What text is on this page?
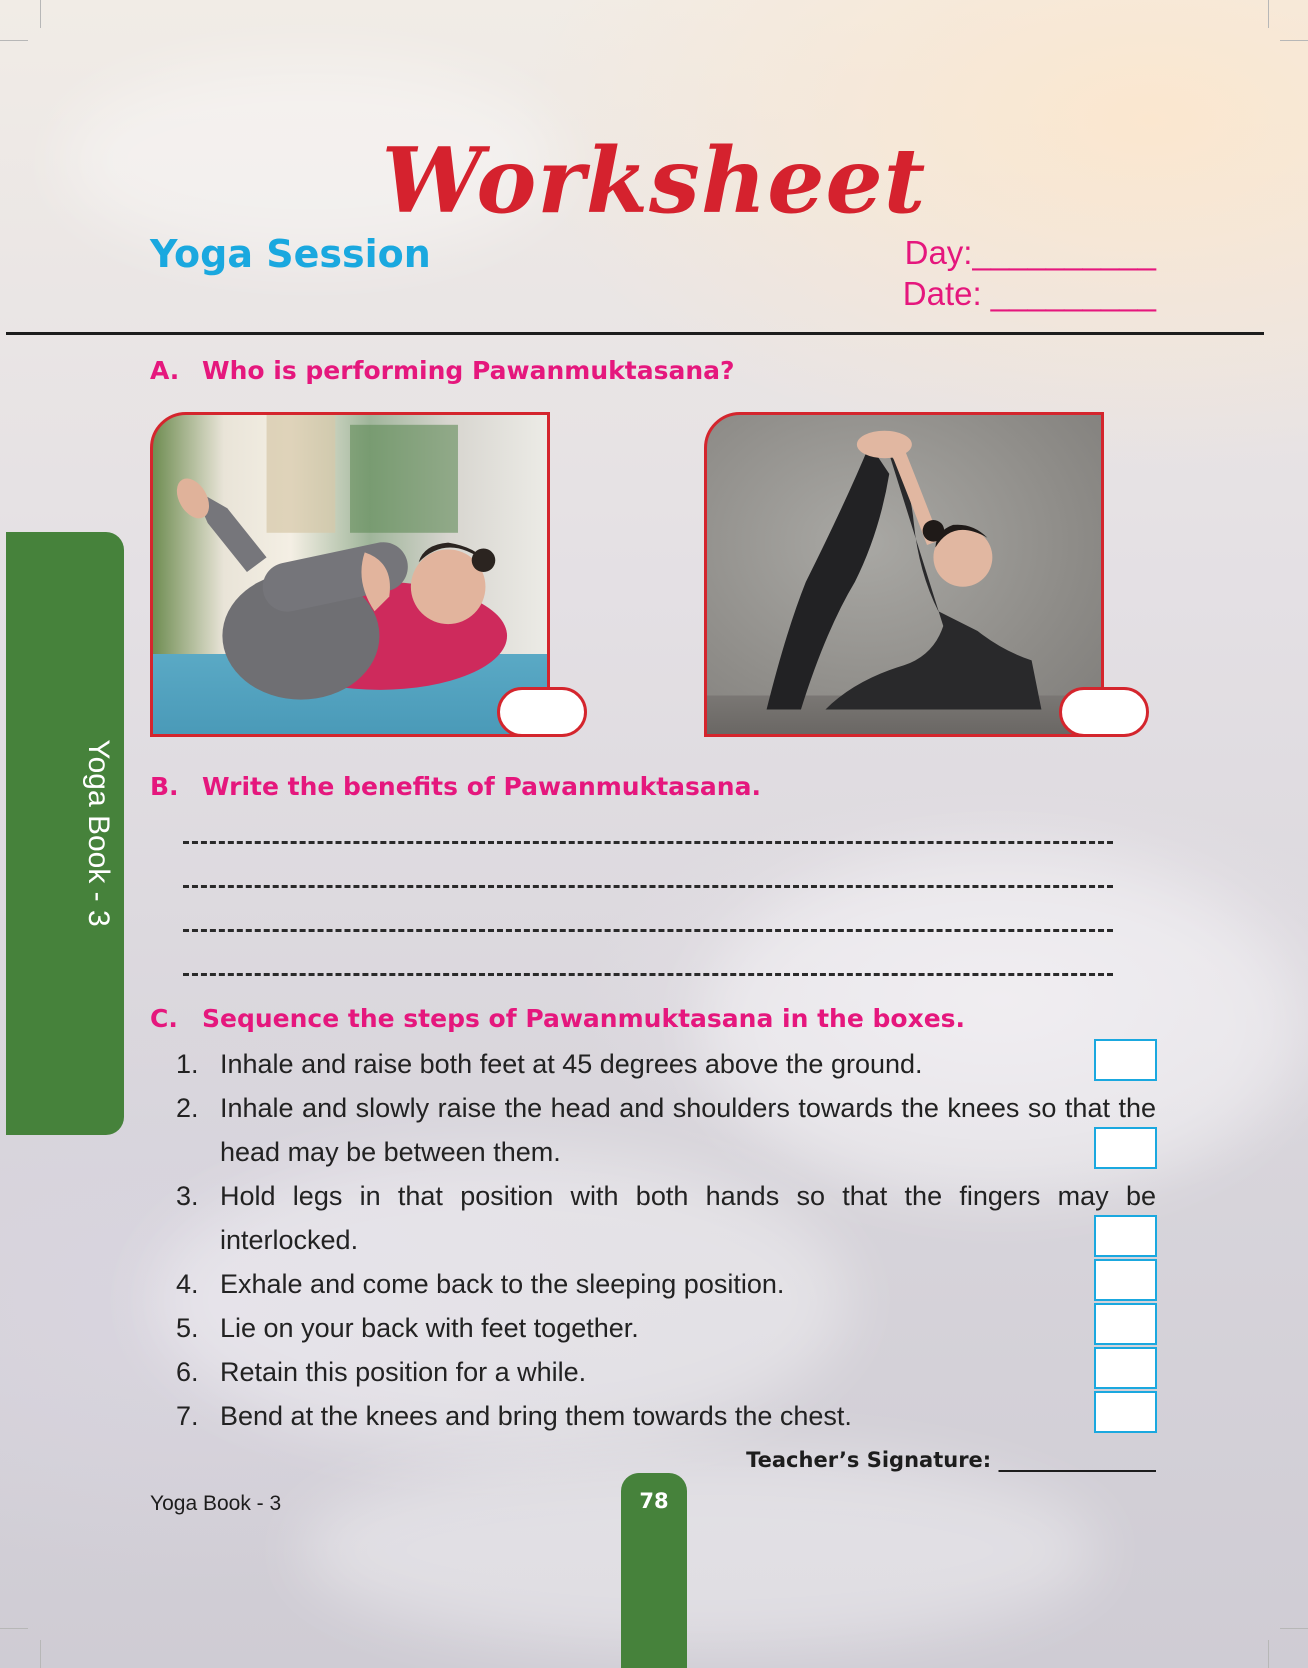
Yoga Book - 3
Worksheet
Yoga Session	Day:__________
Date: _________
A. Who is performing Pawanmuktasana?
B. Write the benefits of Pawanmuktasana.
C. Sequence the steps of Pawanmuktasana in the boxes.
1. Inhale and raise both feet at 45 degrees above the ground.
2. Inhale and slowly raise the head and shoulders towards the knees so that the head may be between them.
3. Hold legs in that position with both hands so that the fingers may be interlocked.
4. Exhale and come back to the sleeping position.
5. Lie on your back with feet together.
6. Retain this position for a while.
7. Bend at the knees and bring them towards the chest.
Teacher’s Signature: _______________
Yoga Book - 3	78
